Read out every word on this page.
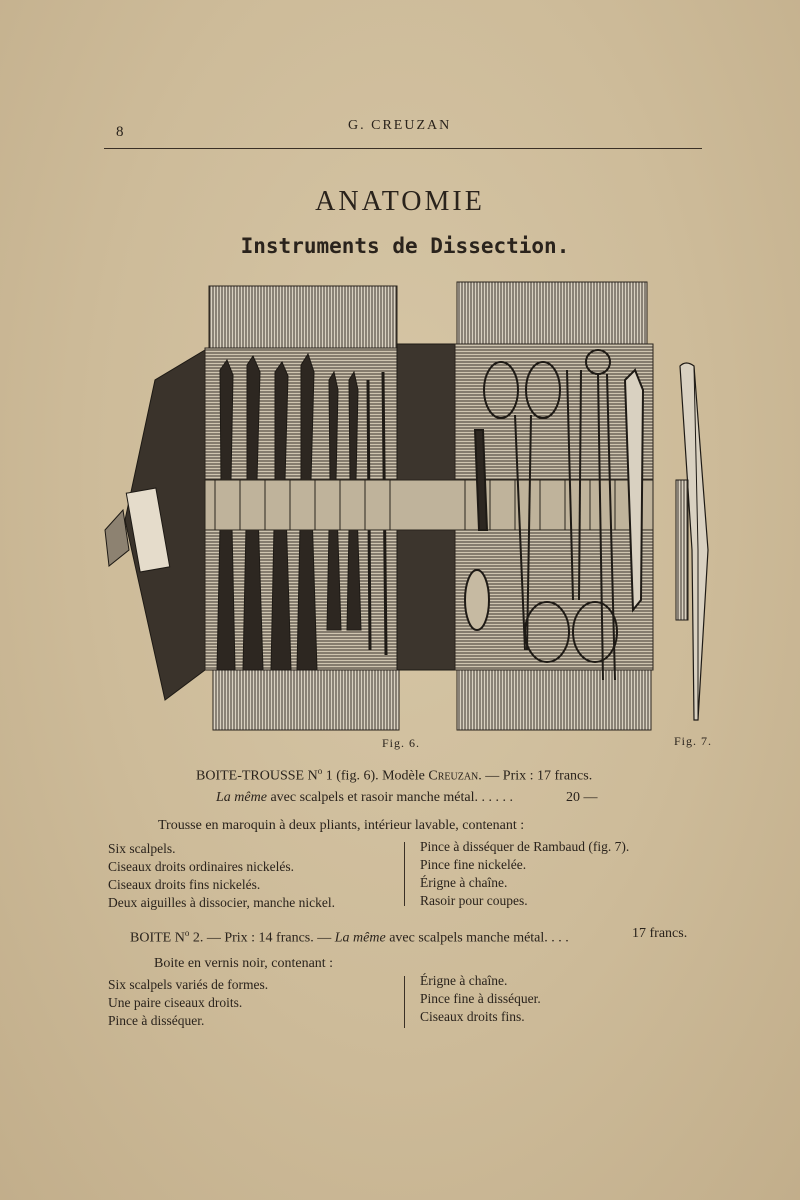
8	G. CREUZAN
ANATOMIE
Instruments de Dissection.
Fig. 6.	Fig. 7.
BOITE-TROUSSE $N^o$ 1 (fig. 6). Modèle Creuzan. — Prix : 17 francs.
La même avec scalpels et rasoir manche métal. . . . . .	20 —
Trousse en maroquin à deux pliants, intérieur lavable, contenant :
Six scalpels.
Ciseaux droits ordinaires nickelés.
Ciseaux droits fins nickelés.
Deux aiguilles à dissocier, manche nickel.
Pince à disséquer de Rambaud (fig. 7).
Pince fine nickelée.
Érigne à chaîne.
Rasoir pour coupes.
BOITE $N^o$ 2. — Prix : 14 francs. — La même avec scalpels manche métal. . . .	17 francs.
Boite en vernis noir, contenant :
Six scalpels variés de formes.
Une paire ciseaux droits.
Pince à disséquer.
Érigne à chaîne.
Pince fine à disséquer.
Ciseaux droits fins.
